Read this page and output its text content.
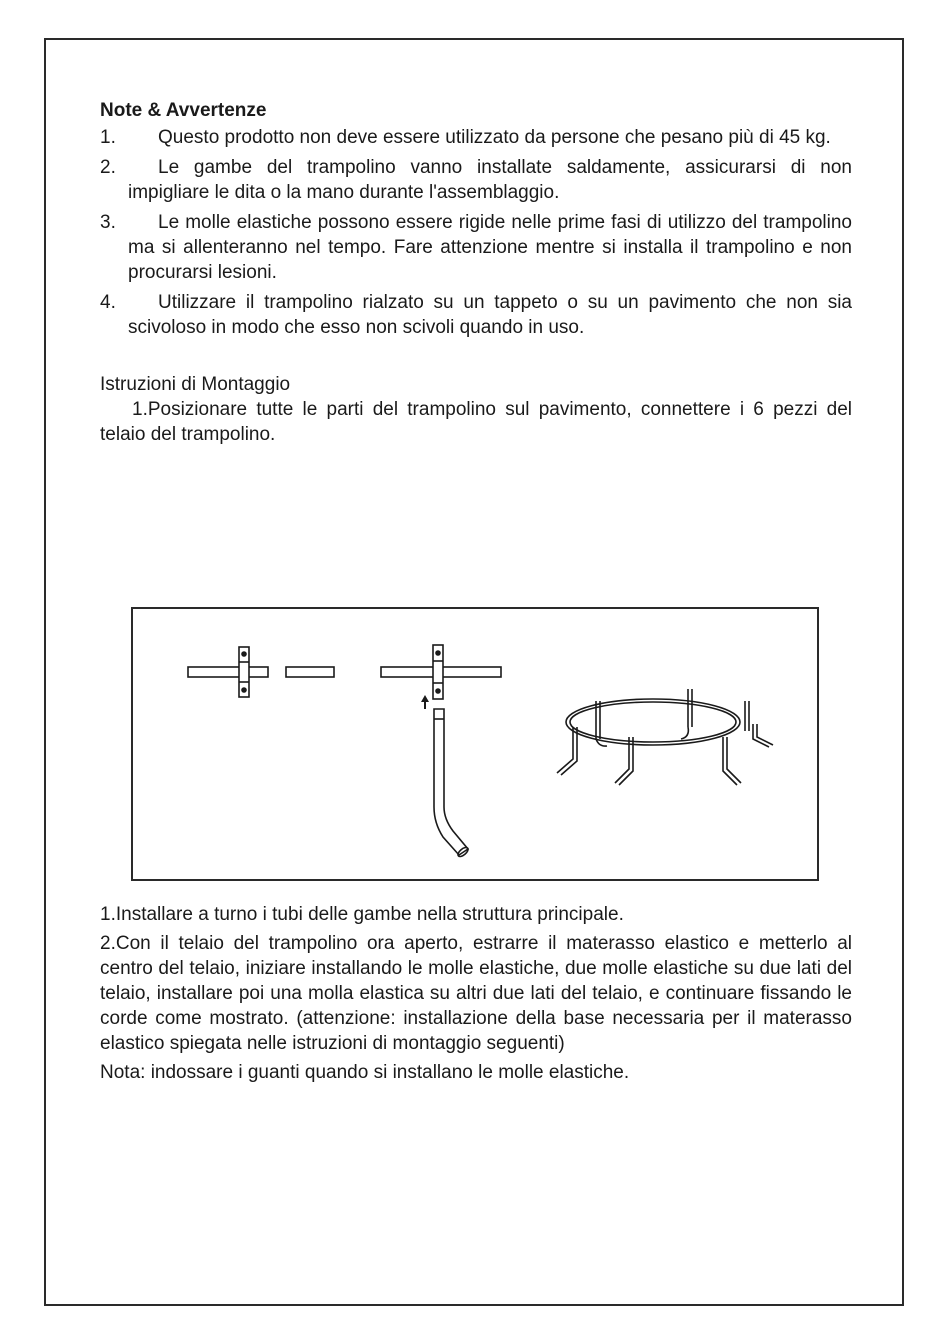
Note & Avvertenze
1.	Questo prodotto non deve essere utilizzato da persone che pesano più di 45 kg.
2.	Le gambe del trampolino vanno installate saldamente, assicurarsi di non impigliare le dita o la mano durante l'assemblaggio.
3.	Le molle elastiche possono essere rigide nelle prime fasi di utilizzo del trampolino ma si allenteranno nel tempo. Fare attenzione mentre si installa il trampolino e non procurarsi lesioni.
4.	Utilizzare il trampolino rialzato su un tappeto o su un pavimento che non sia scivoloso in modo che esso non scivoli quando in uso.
Istruzioni di Montaggio
1.Posizionare tutte le parti del trampolino sul pavimento, connettere i 6 pezzi del telaio del trampolino.

1.Installare a turno i tubi delle gambe nella struttura principale.

2.Con il telaio del trampolino ora aperto, estrarre il materasso elastico e metterlo al centro del telaio, iniziare installando le molle elastiche, due molle elastiche su due lati del telaio, installare poi una molla elastica su altri due lati del telaio, e continuare fissando le corde come mostrato. (attenzione: installazione della base necessaria per il materasso elastico spiegata nelle istruzioni di montaggio seguenti)

Nota: indossare i guanti quando si installano le molle elastiche.
